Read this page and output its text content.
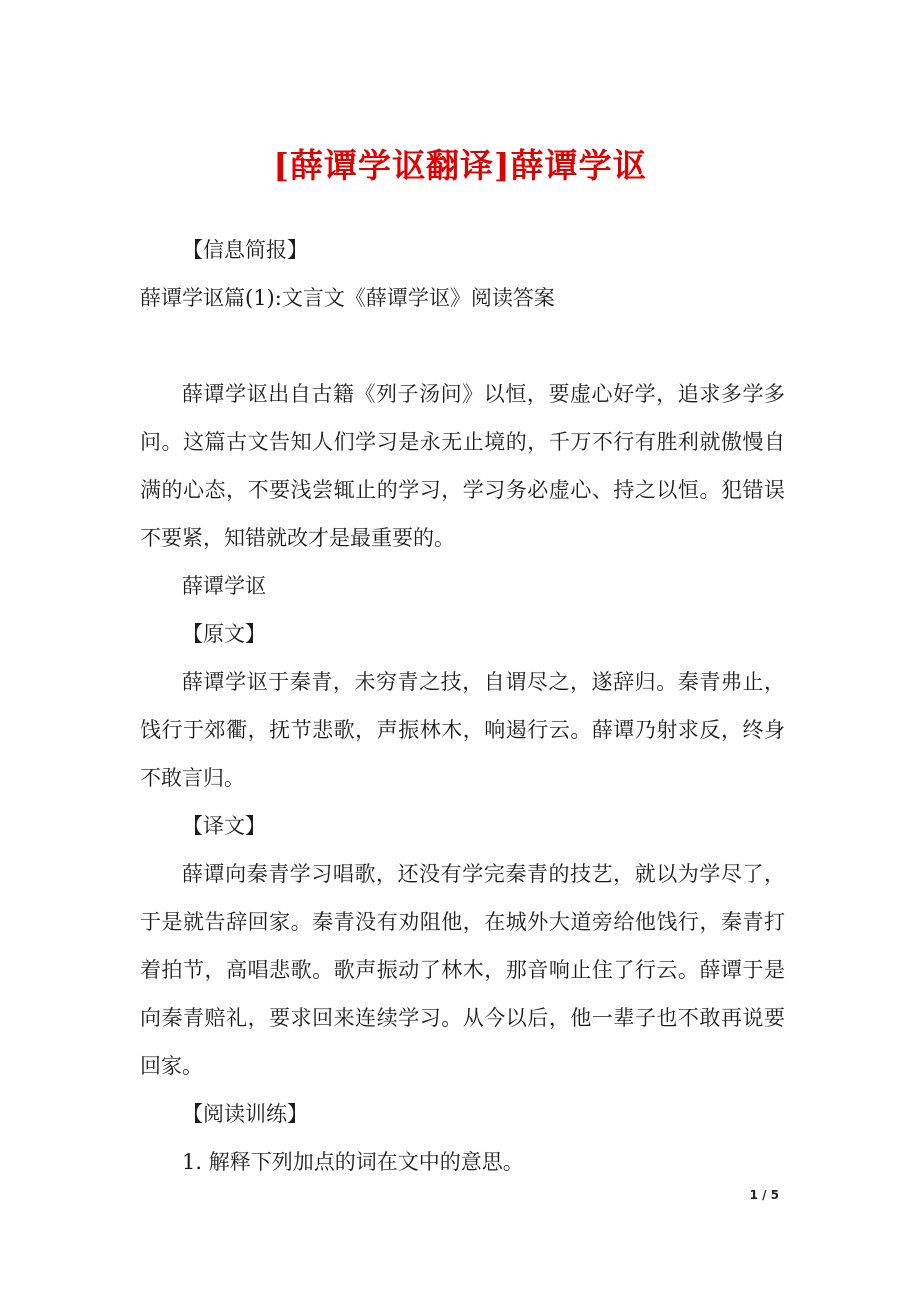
[薛谭学讴翻译]薛谭学讴

【信息简报】

薛谭学讴篇(1):文言文《薛谭学讴》阅读答案

薛谭学讴出自古籍《列子汤问》以恒，要虚心好学，追求多学多问。这篇古文告知人们学习是永无止境的，千万不行有胜利就傲慢自满的心态，不要浅尝辄止的学习，学习务必虚心、持之以恒。犯错误不要紧，知错就改才是最重要的。

薛谭学讴

【原文】

薛谭学讴于秦青，未穷青之技，自谓尽之，遂辞归。秦青弗止，饯行于郊衢，抚节悲歌，声振林木，响遏行云。薛谭乃射求反，终身不敢言归。

【译文】

薛谭向秦青学习唱歌，还没有学完秦青的技艺，就以为学尽了，于是就告辞回家。秦青没有劝阻他，在城外大道旁给他饯行，秦青打着拍节，高唱悲歌。歌声振动了林木，那音响止住了行云。薛谭于是向秦青赔礼，要求回来连续学习。从今以后，他一辈子也不敢再说要回家。

【阅读训练】

1. 解释下列加点的词在文中的意思。

1 / 5
